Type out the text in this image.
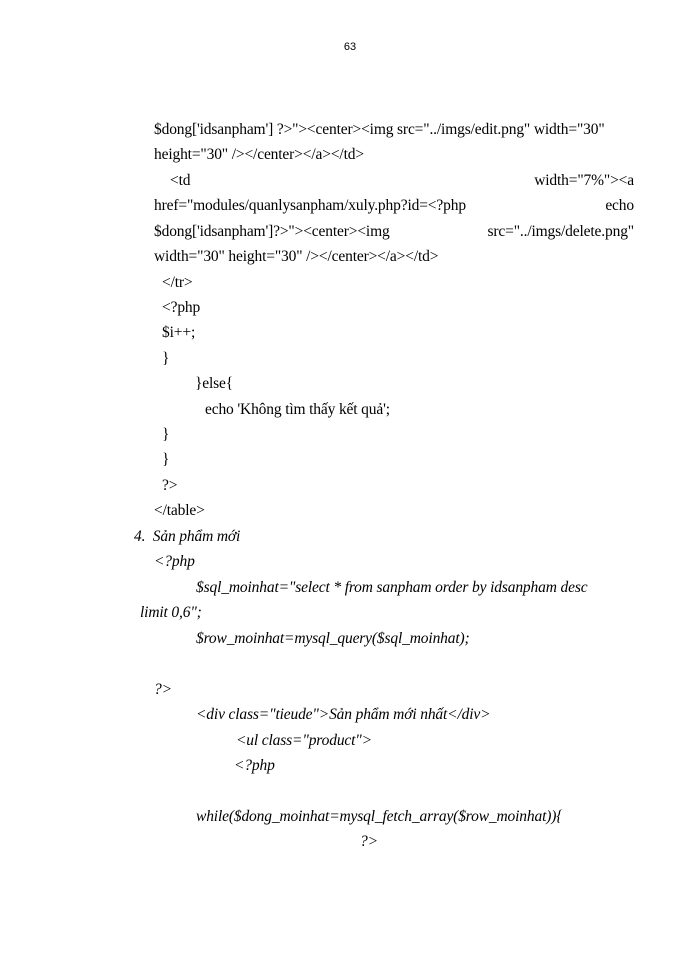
63
$dong['idsanpham'] ?>"><center><img src="../imgs/edit.png" width="30"
height="30" /></center></a></td>
<td	width="7%"><a
href="modules/quanlysanpham/xuly.php?id=<?php	echo
$dong['idsanpham']?>"><center><img	src="../imgs/delete.png"
width="30" height="30" /></center></a></td>
</tr>
<?php
$i++;
}
}else{
echo 'Không tìm thấy kết quả';
}
}
?>
</table>
4.  Sản phẩm mới
<?php
$sql_moinhat="select * from sanpham order by idsanpham desc
limit 0,6";
$row_moinhat=mysql_query($sql_moinhat);
?>
<div class="tieude">Sản phẩm mới nhất</div>
<ul class="product">
<?php
while($dong_moinhat=mysql_fetch_array($row_moinhat)){
?>
